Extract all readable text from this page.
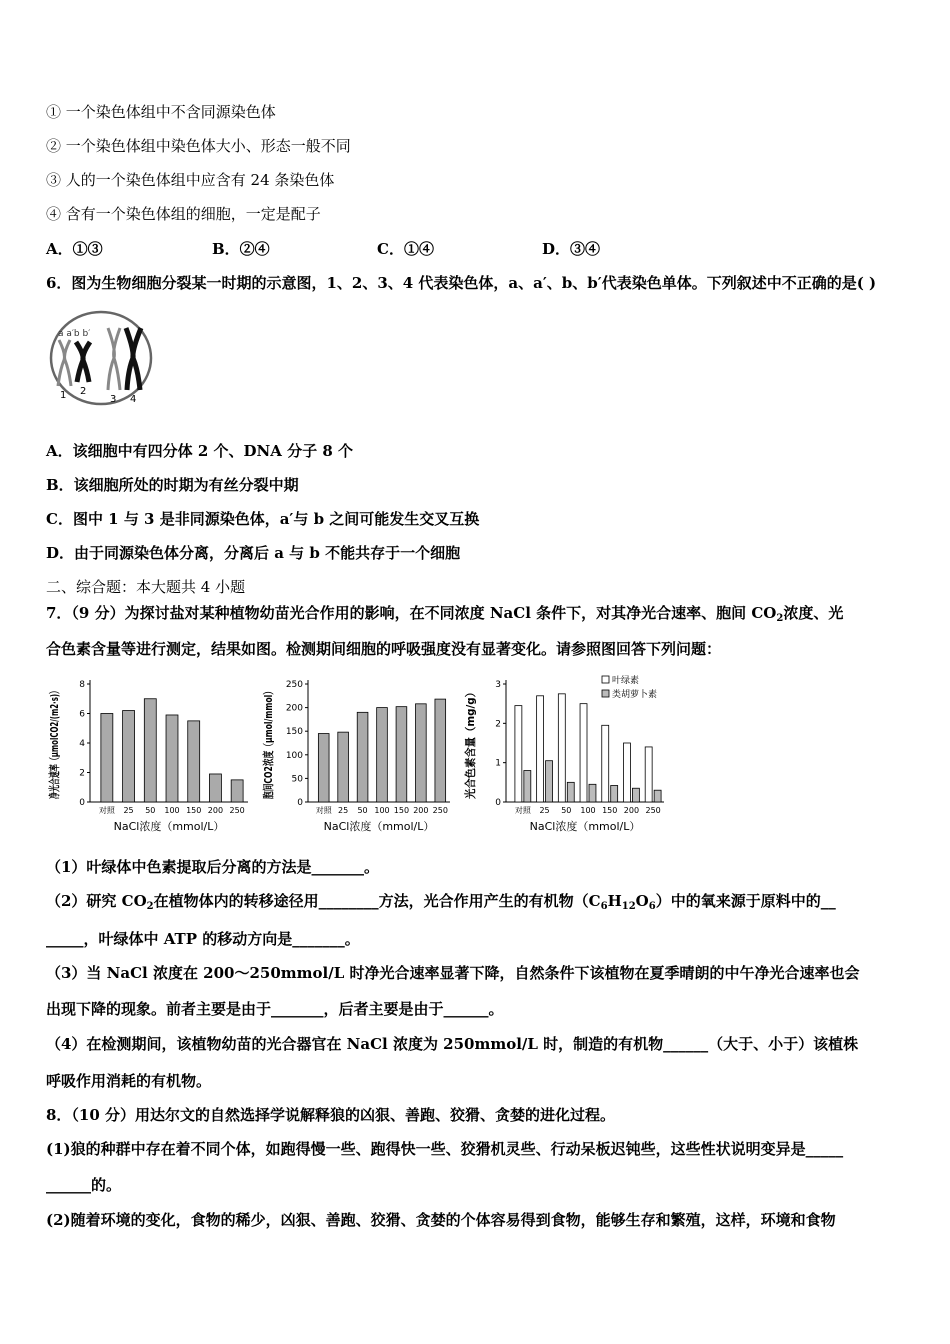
① 一个染色体组中不含同源染色体
② 一个染色体组中染色体大小、形态一般不同
③ 人的一个染色体组中应含有 24 条染色体
④ 含有一个染色体组的细胞，一定是配子
A．①③	B．②④	C．①④	D．③④
6．图为生物细胞分裂某一时期的示意图，1、2、3、4 代表染色体，a、a′、b、b′代表染色单体。下列叙述中不正确的是( )
a a′b b′
1 2
3 4
A．该细胞中有四分体 2 个、DNA 分子 8 个
B．该细胞所处的时期为有丝分裂中期
C．图中 1 与 3 是非同源染色体，a′与 b 之间可能发生交叉互换
D．由于同源染色体分离，分离后 a 与 b 不能共存于一个细胞
二、综合题：本大题共 4 小题
7．（9 分）为探讨盐对某种植物幼苗光合作用的影响，在不同浓度 NaCl 条件下，对其净光合速率、胞间 $CO_2$浓度、光
合色素含量等进行测定，结果如图。检测期间细胞的呼吸强度没有显著变化。请参照图回答下列问题：
0
2
4
6
8
净光合速率（μmolCO2/(m2·s)）
NaCl浓度（mmol/L）
对照 25 50 100 150 200 250
0
50
100
150
200
250
胞间CO2浓度（μmol/mmol）
NaCl浓度（mmol/L）
对照 25 50 100 150 200 250
0
1
2
3
光合色素含量（mg/g）
NaCl浓度（mmol/L）
对照 25 50 100 150 200 250
叶绿素
类胡萝卜素
（1）叶绿体中色素提取后分离的方法是_______。
（2）研究 $CO_2$在植物体内的转移途径用________方法，光合作用产生的有机物$(C_6H_{12}O_6)$中的氧来源于原料中的__
_____，叶绿体中 ATP 的移动方向是_______。
（3）当 NaCl 浓度在 200～250mmol/L 时净光合速率显著下降，自然条件下该植物在夏季晴朗的中午净光合速率也会
出现下降的现象。前者主要是由于_______，后者主要是由于______。
（4）在检测期间，该植物幼苗的光合器官在 NaCl 浓度为 250mmol/L 时，制造的有机物______（大于、小于）该植株
呼吸作用消耗的有机物。
8．（10 分）用达尔文的自然选择学说解释狼的凶狠、善跑、狡猾、贪婪的进化过程。
(1)狼的种群中存在着不同个体，如跑得慢一些、跑得快一些、狡猾机灵些、行动呆板迟钝些，这些性状说明变异是_____
______的。
(2)随着环境的变化，食物的稀少，凶狠、善跑、狡猾、贪婪的个体容易得到食物，能够生存和繁殖，这样，环境和食物
